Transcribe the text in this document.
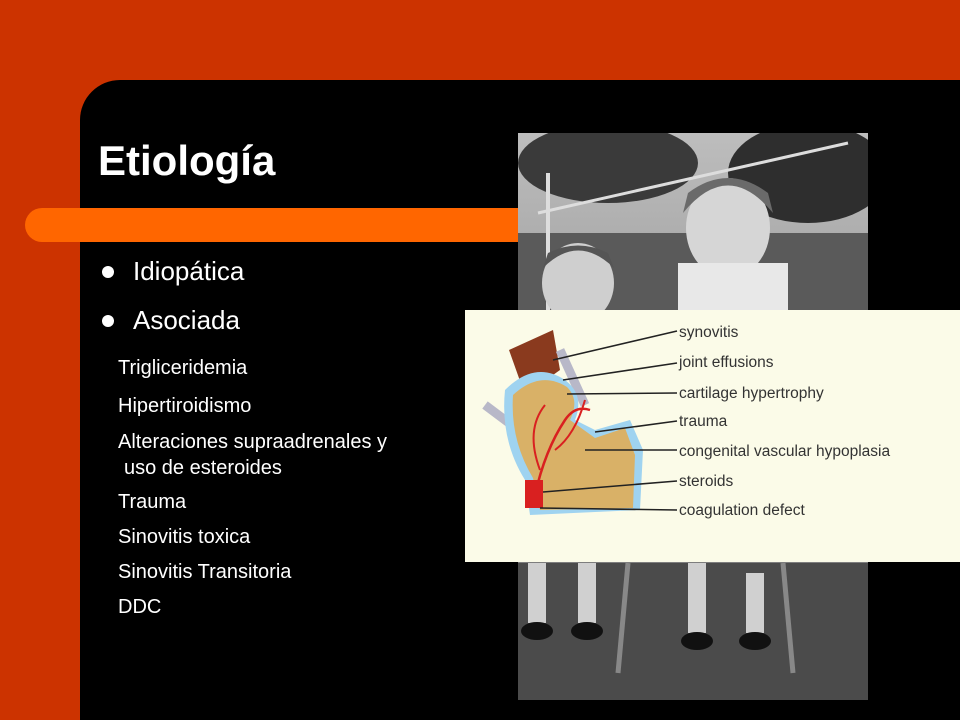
Etiología
Idiopática
Asociada
Trigliceridemia
Hipertiroidismo
Alteraciones supraadrenales y
uso de esteroides
Trauma
Sinovitis toxica
Sinovitis Transitoria
DDC
synovitis
joint effusions
cartilage hypertrophy
trauma
congenital vascular hypoplasia
steroids
coagulation defect
